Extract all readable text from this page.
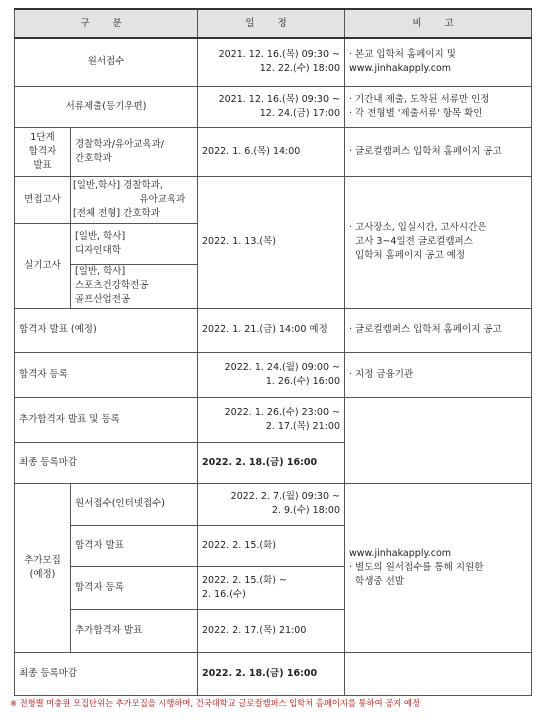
구 분		일 정	비 고
원서접수		2021. 12. 16.(목) 09:30 ~
12. 22.(수) 18:00	· 본교 입학처 홈페이지 및
www.jinhakapply.com
서류제출(등기우편)		2021. 12. 16.(목) 09:30 ~
12. 24.(금) 17:00	· 기간내 제출, 도착된 서류만 인정
· 각 전형별 '제출서류' 항목 확인
1단계
합격자
발표	경찰학과/유아교육과/
간호학과	2022. 1. 6.(목) 14:00	· 글로컬캠퍼스 입학처 홈페이지 공고
면접고사	[일반,학사] 경찰학과,
유아교육과
[전체 전형] 간호학과	2022. 1. 13.(목)	· 고사장소, 입실시간, 고사시간은
고사 3~4일전 글로컬캠퍼스
입학처 홈페이지 공고 예정
실기고사	[일반, 학사]
디자인대학		
	[일반, 학사]
스포츠건강학전공
골프산업전공		
합격자 발표 (예정)		2022. 1. 21.(금) 14:00 예정	· 글로컬캠퍼스 입학처 홈페이지 공고
합격자 등록		2022. 1. 24.(월) 09:00 ~
1. 26.(수) 16:00	· 지정 금융기관
추가합격자 발표 및 등록		2022. 1. 26.(수) 23:00 ~
2. 17.(목) 21:00	
최종 등록마감		2022. 2. 18.(금) 16:00	
추가모집
(예정)	원서접수(인터넷접수)	2022. 2. 7.(월) 09:30 ~
2. 9.(수) 18:00	www.jinhakapply.com
· 별도의 원서접수를 통해 지원한
학생중 선발
	합격자 발표	2022. 2. 15.(화)	
	합격자 등록	2022. 2. 15.(화) ~
2. 16.(수)	
	추가합격자 발표	2022. 2. 17.(목) 21:00	
최종 등록마감		2022. 2. 18.(금) 16:00	
※ 전형별 미충원 모집단위는 추가모집을 시행하며, 건국대학교 글로컬캠퍼스 입학처 홈페이지를 통하여 공지 예정
